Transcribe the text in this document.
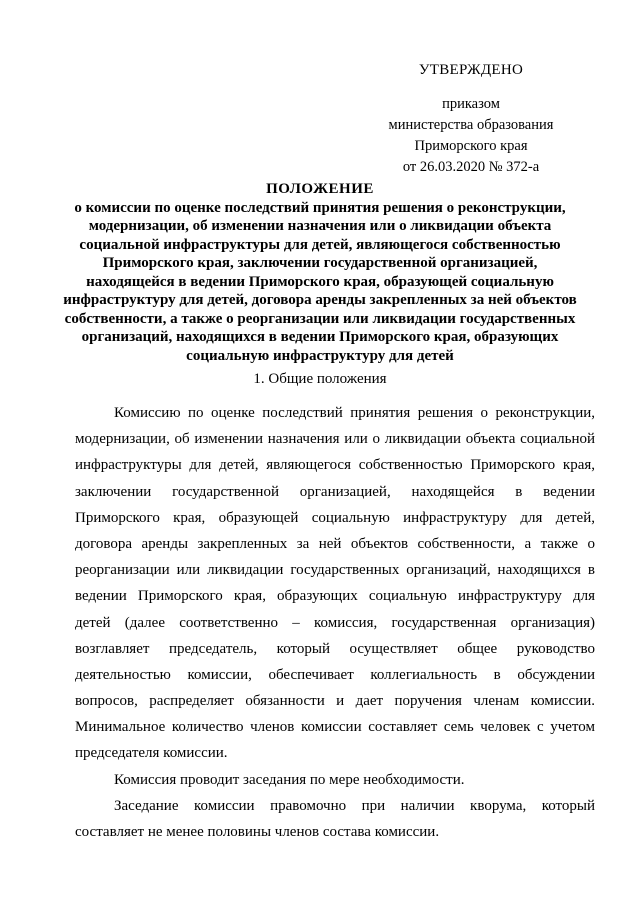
УТВЕРЖДЕНО
приказом
министерства образования
Приморского края
от 26.03.2020 № 372-а
ПОЛОЖЕНИЕ
о комиссии по оценке последствий принятия решения о реконструкции,
модернизации, об изменении назначения или о ликвидации объекта
социальной инфраструктуры для детей, являющегося собственностью
Приморского края, заключении государственной организацией,
находящейся в ведении Приморского края, образующей социальную
инфраструктуру для детей, договора аренды закрепленных за ней объектов
собственности, а также о реорганизации или ликвидации государственных
организаций, находящихся в ведении Приморского края, образующих
социальную инфраструктуру для детей
1. Общие положения
Комиссию по оценке последствий принятия решения о реконструкции,
модернизации, об изменении назначения или о ликвидации объекта социальной
инфраструктуры для детей, являющегося собственностью Приморского края,
заключении государственной организацией, находящейся в ведении
Приморского края, образующей социальную инфраструктуру для детей,
договора аренды закрепленных за ней объектов собственности, а также о
реорганизации или ликвидации государственных организаций, находящихся в
ведении Приморского края, образующих социальную инфраструктуру для
детей (далее соответственно – комиссия, государственная организация)
возглавляет председатель, который осуществляет общее руководство
деятельностью комиссии, обеспечивает коллегиальность в обсуждении
вопросов, распределяет обязанности и дает поручения членам комиссии.
Минимальное количество членов комиссии составляет семь человек с учетом
председателя комиссии.
Комиссия проводит заседания по мере необходимости.
Заседание комиссии правомочно при наличии кворума, который
составляет не менее половины членов состава комиссии.
